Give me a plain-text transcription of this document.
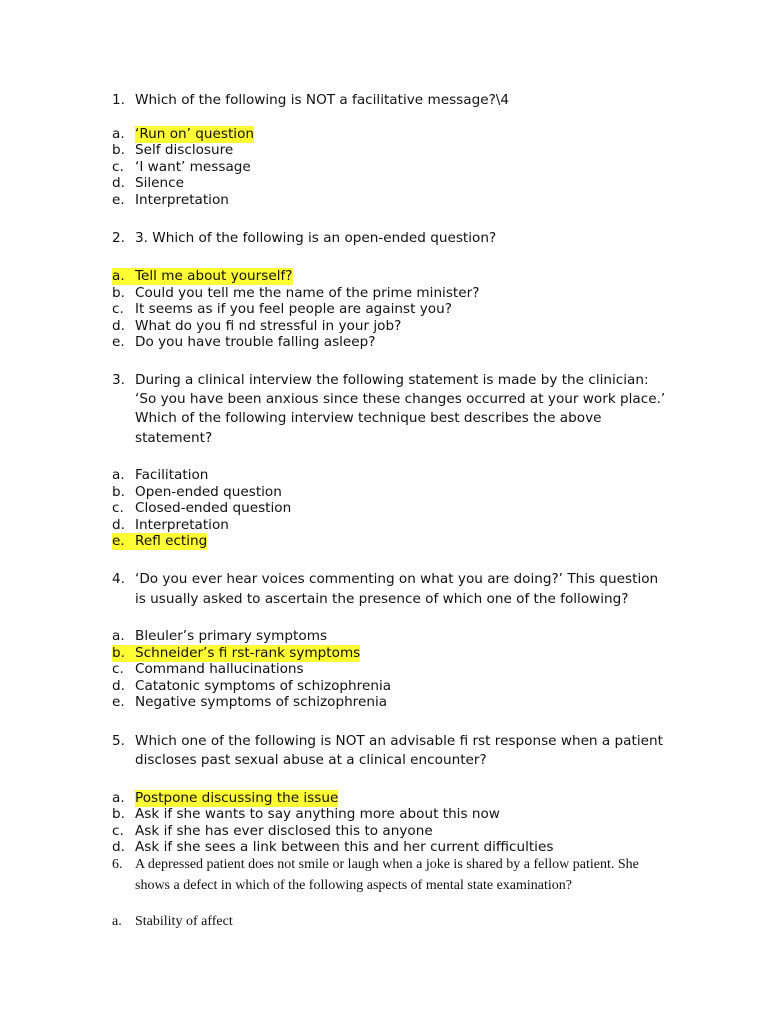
1. Which of the following is NOT a facilitative message?\4
a. ‘Run on’ question
b. Self disclosure
c. ‘I want’ message
d. Silence
e. Interpretation
2. 3. Which of the following is an open-ended question?
a. Tell me about yourself?
b. Could you tell me the name of the prime minister?
c. It seems as if you feel people are against you?
d. What do you fi nd stressful in your job?
e. Do you have trouble falling asleep?
3. During a clinical interview the following statement is made by the clinician:
‘So you have been anxious since these changes occurred at your work place.’
Which of the following interview technique best describes the above
statement?
a. Facilitation
b. Open-ended question
c. Closed-ended question
d. Interpretation
e. Refl ecting
4. ‘Do you ever hear voices commenting on what you are doing?’ This question
is usually asked to ascertain the presence of which one of the following?
a. Bleuler’s primary symptoms
b. Schneider’s fi rst-rank symptoms
c. Command hallucinations
d. Catatonic symptoms of schizophrenia
e. Negative symptoms of schizophrenia
5. Which one of the following is NOT an advisable fi rst response when a patient
discloses past sexual abuse at a clinical encounter?
a. Postpone discussing the issue
b. Ask if she wants to say anything more about this now
c. Ask if she has ever disclosed this to anyone
d. Ask if she sees a link between this and her current difficulties
6. A depressed patient does not smile or laugh when a joke is shared by a fellow patient. She
shows a defect in which of the following aspects of mental state examination?
a. Stability of affect
